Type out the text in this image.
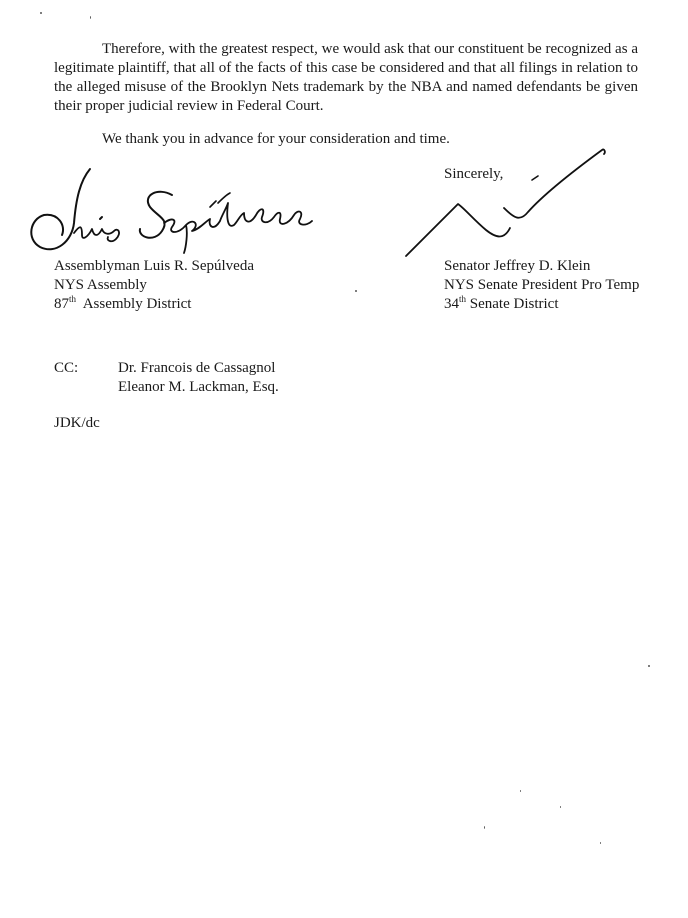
Therefore, with the greatest respect, we would ask that our constituent be recognized as a legitimate plaintiff, that all of the facts of this case be considered and that all filings in relation to the alleged misuse of the Brooklyn Nets trademark by the NBA and named defendants be given their proper judicial review in Federal Court.

We thank you in advance for your consideration and time.

Sincerely,
Assemblyman Luis R. Sepúlveda
NYS Assembly
87th Assembly District
Senator Jeffrey D. Klein
NYS Senate President Pro Temp
34th Senate District
CC:	Dr. Francois de Cassagnol
Eleanor M. Lackman, Esq.
JDK/dc
